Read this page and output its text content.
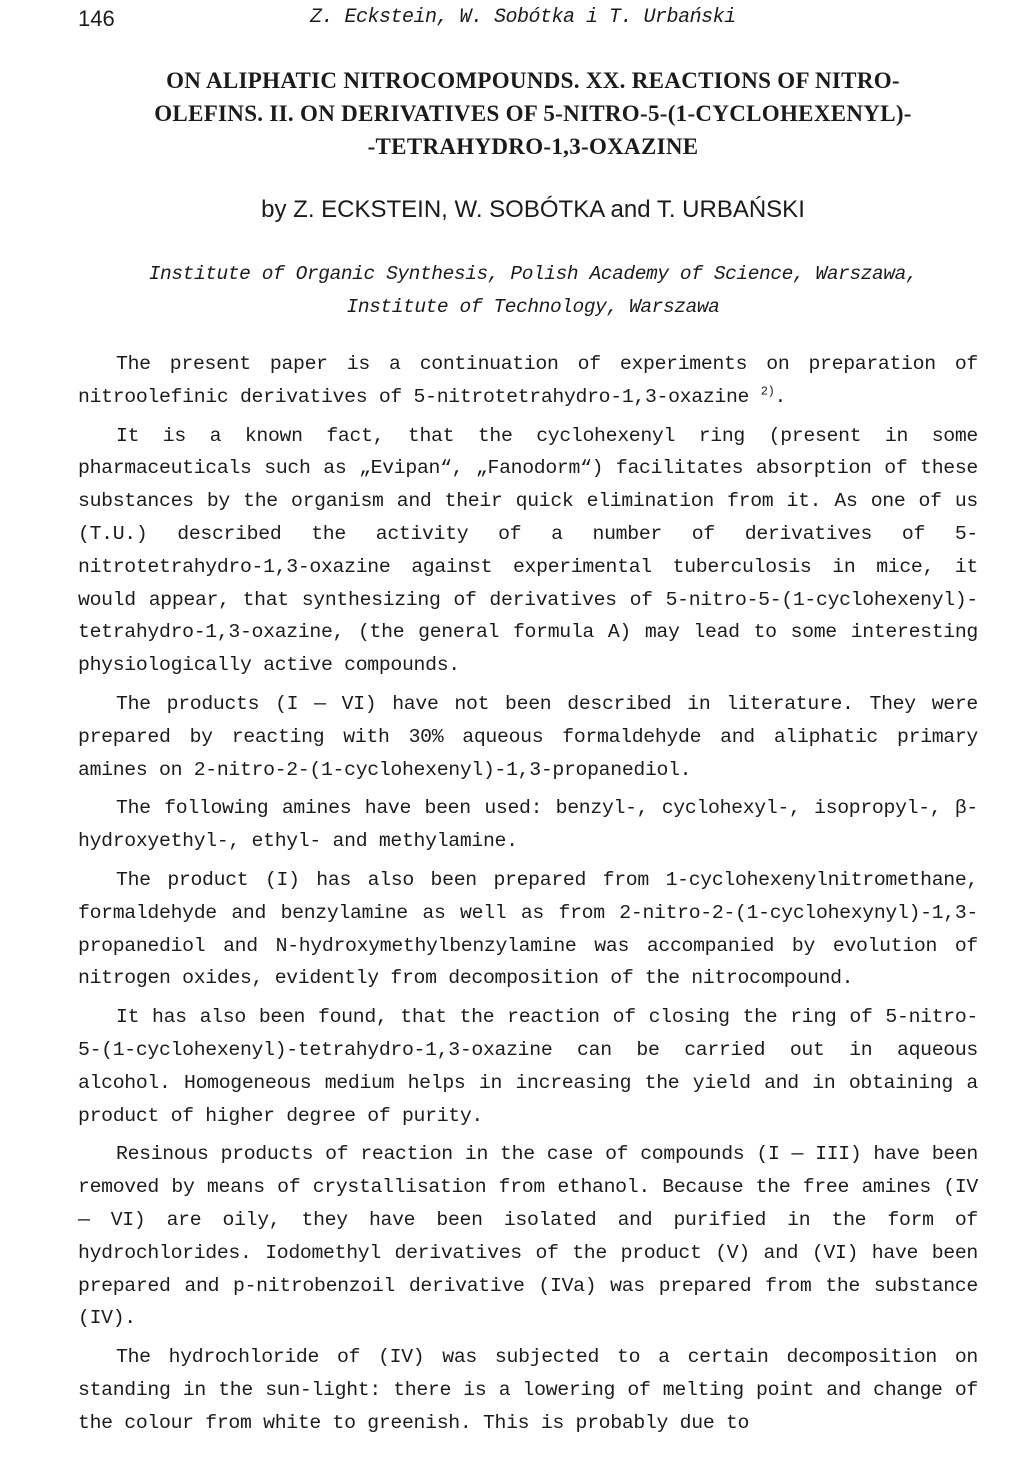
146	Z. Eckstein, W. Sobótka i T. Urbański
ON ALIPHATIC NITROCOMPOUNDS. XX. REACTIONS OF NITRO-
OLEFINS. II. ON DERIVATIVES OF 5-NITRO-5-(1-CYCLOHEXENYL)-
-TETRAHYDRO-1,3-OXAZINE
by Z. ECKSTEIN, W. SOBÓTKA and T. URBAŃSKI
Institute of Organic Synthesis, Polish Academy of Science, Warszawa,
Institute of Technology, Warszawa

The present paper is a continuation of experiments on preparation of nitroolefinic derivatives of 5-nitrotetrahydro-1,3-oxazine $^{2)}$.

It is a known fact, that the cyclohexenyl ring (present in some pharmaceuticals such as „Evipan“, „Fanodorm“) facilitates absorption of these substances by the organism and their quick elimination from it. As one of us (T.U.) described the activity of a number of derivatives of 5-nitrotetrahydro-1,3-oxazine against experimental tuberculosis in mice, it would appear, that synthesizing of derivatives of 5-nitro-5-(1-cyclohexenyl)-tetrahydro-1,3-oxazine, (the general formula A) may lead to some interesting physiologically active compounds.

The products (I — VI) have not been described in literature. They were prepared by reacting with 30% aqueous formaldehyde and aliphatic primary amines on 2-nitro-2-(1-cyclohexenyl)-1,3-propanediol.

The following amines have been used: benzyl-, cyclohexyl-, isopropyl-, β-hydroxyethyl-, ethyl- and methylamine.

The product (I) has also been prepared from 1-cyclohexenylnitromethane, formaldehyde and benzylamine as well as from 2-nitro-2-(1-cyclohexynyl)-1,3-propanediol and N-hydroxymethylbenzylamine was accompanied by evolution of nitrogen oxides, evidently from decomposition of the nitrocompound.

It has also been found, that the reaction of closing the ring of 5-nitro-5-(1-cyclohexenyl)-tetrahydro-1,3-oxazine can be carried out in aqueous alcohol. Homogeneous medium helps in increasing the yield and in obtaining a product of higher degree of purity.

Resinous products of reaction in the case of compounds (I — III) have been removed by means of crystallisation from ethanol. Because the free amines (IV — VI) are oily, they have been isolated and purified in the form of hydrochlorides. Iodomethyl derivatives of the product (V) and (VI) have been prepared and p-nitrobenzoil derivative (IVa) was prepared from the substance (IV).

The hydrochloride of (IV) was subjected to a certain decomposition on standing in the sun-light: there is a lowering of melting point and change of the colour from white to greenish. This is probably due to
